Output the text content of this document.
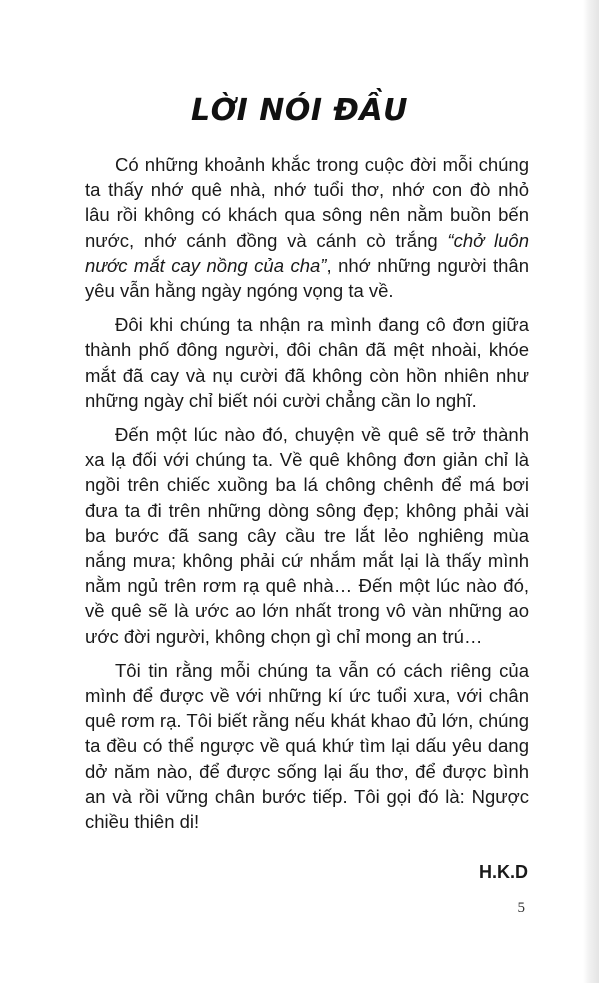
LỜI NÓI ĐẦU

Có những khoảnh khắc trong cuộc đời mỗi chúng ta thấy nhớ quê nhà, nhớ tuổi thơ, nhớ con đò nhỏ lâu rồi không có khách qua sông nên nằm buồn bến nước, nhớ cánh đồng và cánh cò trắng “chở luôn nước mắt cay nồng của cha”, nhớ những người thân yêu vẫn hằng ngày ngóng vọng ta về.

Đôi khi chúng ta nhận ra mình đang cô đơn giữa thành phố đông người, đôi chân đã mệt nhoài, khóe mắt đã cay và nụ cười đã không còn hồn nhiên như những ngày chỉ biết nói cười chẳng cần lo nghĩ.

Đến một lúc nào đó, chuyện về quê sẽ trở thành xa lạ đối với chúng ta. Về quê không đơn giản chỉ là ngồi trên chiếc xuồng ba lá chông chênh để má bơi đưa ta đi trên những dòng sông đẹp; không phải vài ba bước đã sang cây cầu tre lắt lẻo nghiêng mùa nắng mưa; không phải cứ nhắm mắt lại là thấy mình nằm ngủ trên rơm rạ quê nhà… Đến một lúc nào đó, về quê sẽ là ước ao lớn nhất trong vô vàn những ao ước đời người, không chọn gì chỉ mong an trú…

Tôi tin rằng mỗi chúng ta vẫn có cách riêng của mình để được về với những kí ức tuổi xưa, với chân quê rơm rạ. Tôi biết rằng nếu khát khao đủ lớn, chúng ta đều có thể ngược về quá khứ tìm lại dấu yêu dang dở năm nào, để được sống lại ấu thơ, để được bình an và rồi vững chân bước tiếp. Tôi gọi đó là: Ngược chiều thiên di!

H.K.D

5
